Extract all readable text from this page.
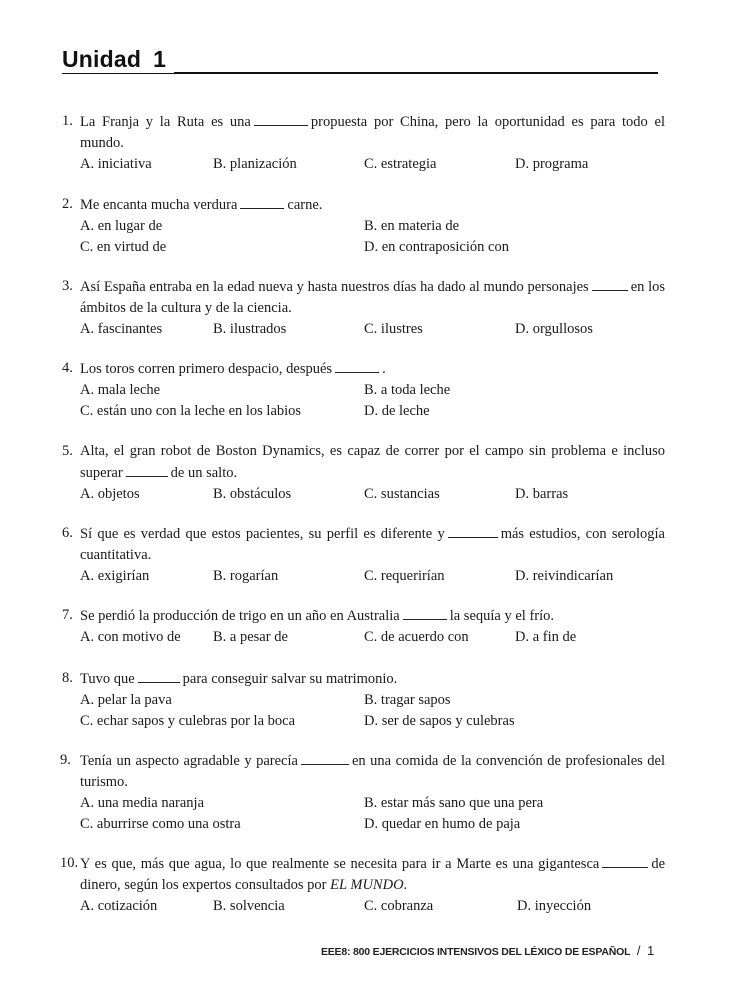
Unidad 1
1. La Franja y la Ruta es una	propuesta por China, pero la oportunidad es para todo el mundo.
A. iniciativa	B. planización	C. estrategia	D. programa
2. Me encanta mucha verdura	carne.
A. en lugar de	B. en materia de
C. en virtud de	D. en contraposición con
3. Así España entraba en la edad nueva y hasta nuestros días ha dado al mundo personajes	en los ámbitos de la cultura y de la ciencia.
A. fascinantes	B. ilustrados	C. ilustres	D. orgullosos
4. Los toros corren primero despacio, después	.
A. mala leche	B. a toda leche
C. están uno con la leche en los labios	D. de leche
5. Alta, el gran robot de Boston Dynamics, es capaz de correr por el campo sin problema e incluso superar	de un salto.
A. objetos	B. obstáculos	C. sustancias	D. barras
6. Sí que es verdad que estos pacientes, su perfil es diferente y	más estudios, con serología cuantitativa.
A. exigirían	B. rogarían	C. requerirían	D. reivindicarían
7. Se perdió la producción de trigo en un año en Australia	la sequía y el frío.
A. con motivo de B. a pesar de	C. de acuerdo con	D. a fin de
8. Tuvo que	para conseguir salvar su matrimonio.
A. pelar la pava	B. tragar sapos
C. echar sapos y culebras por la boca	D. ser de sapos y culebras
9. Tenía un aspecto agradable y parecía	en una comida de la convención de profesionales del turismo.
A. una media naranja	B. estar más sano que una pera
C. aburrirse como una ostra	D. quedar en humo de paja
10. Y es que, más que agua, lo que realmente se necesita para ir a Marte es una gigantesca	de dinero, según los expertos consultados por EL MUNDO.
A. cotización	B. solvencia	C. cobranza	D. inyección
EEE8: 800 EJERCICIOS INTENSIVOS DEL LÉXICO DE ESPAÑOL / 1
